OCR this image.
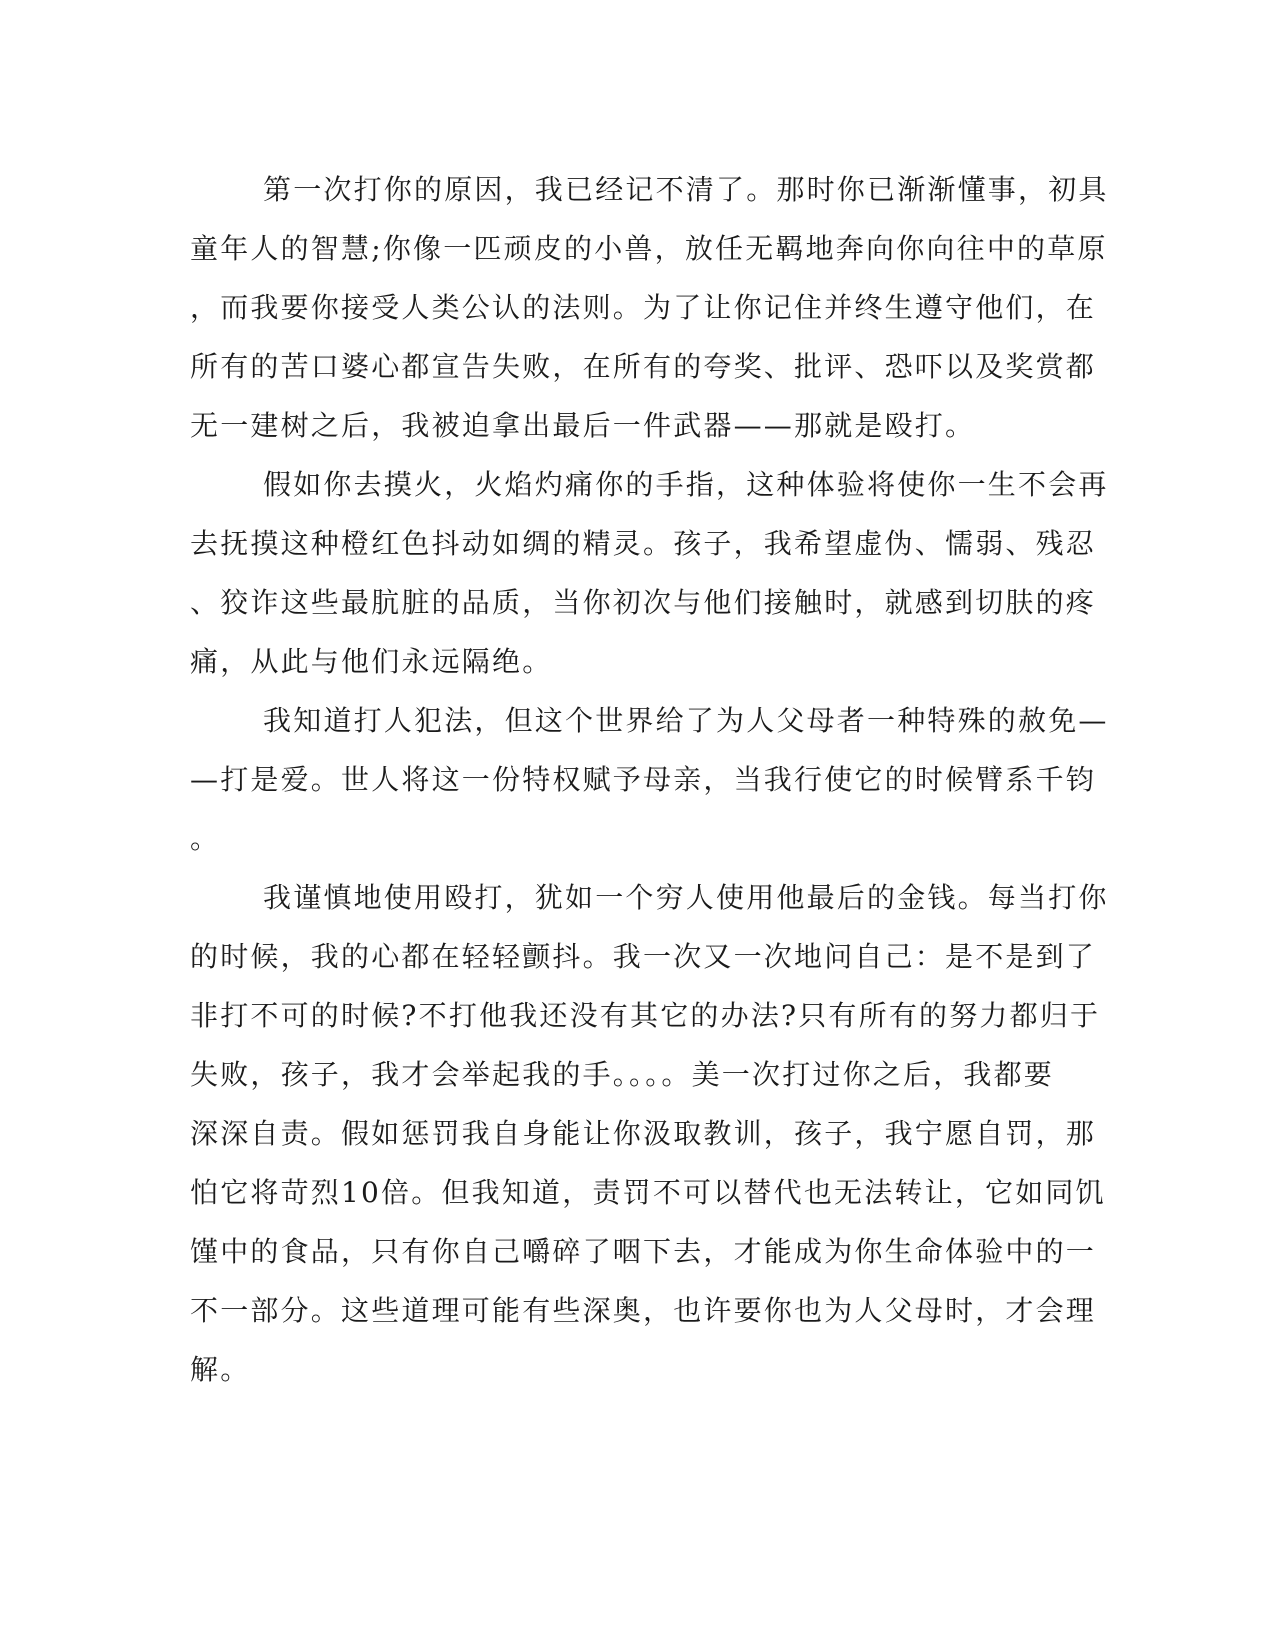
第一次打你的原因，我已经记不清了。那时你已渐渐懂事，初具
童年人的智慧;你像一匹顽皮的小兽，放任无羁地奔向你向往中的草原
，而我要你接受人类公认的法则。为了让你记住并终生遵守他们，在
所有的苦口婆心都宣告失败，在所有的夸奖、批评、恐吓以及奖赏都
无一建树之后，我被迫拿出最后一件武器——那就是殴打。
假如你去摸火，火焰灼痛你的手指，这种体验将使你一生不会再
去抚摸这种橙红色抖动如绸的精灵。孩子，我希望虚伪、懦弱、残忍
、狡诈这些最肮脏的品质，当你初次与他们接触时，就感到切肤的疼
痛，从此与他们永远隔绝。
我知道打人犯法，但这个世界给了为人父母者一种特殊的赦免—
—打是爱。世人将这一份特权赋予母亲，当我行使它的时候臂系千钧
。
我谨慎地使用殴打，犹如一个穷人使用他最后的金钱。每当打你
的时候，我的心都在轻轻颤抖。我一次又一次地问自己：是不是到了
非打不可的时候?不打他我还没有其它的办法?只有所有的努力都归于
失败，孩子，我才会举起我的手。。。。美一次打过你之后，我都要
深深自责。假如惩罚我自身能让你汲取教训，孩子，我宁愿自罚，那
怕它将苛烈10倍。但我知道，责罚不可以替代也无法转让，它如同饥
馑中的食品，只有你自己嚼碎了咽下去，才能成为你生命体验中的一
不一部分。这些道理可能有些深奥，也许要你也为人父母时，才会理
解。
